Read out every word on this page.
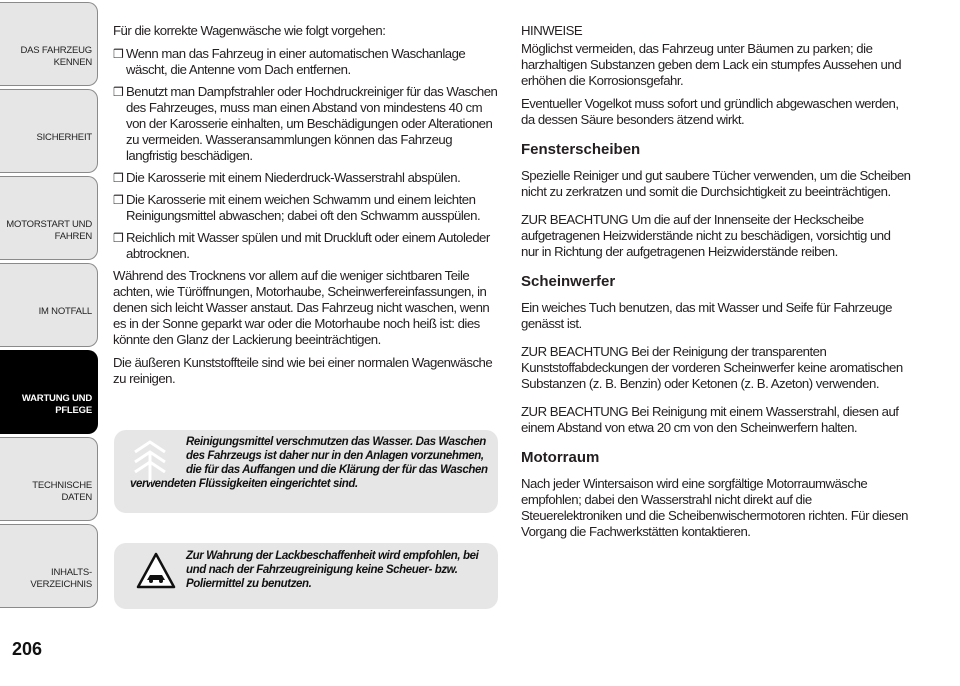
DAS FAHRZEUG
KENNEN
SICHERHEIT
MOTORSTART UND
FAHREN
IM NOTFALL
WARTUNG UND
PFLEGE
TECHNISCHE DATEN
INHALTS-
VERZEICHNIS
206

Für die korrekte Wagenwäsche wie folgt vorgehen:

❒ Wenn man das Fahrzeug in einer automatischen Waschanlage wäscht, die Antenne vom Dach entfernen.
❒ Benutzt man Dampfstrahler oder Hochdruckreiniger für das Waschen des Fahrzeuges, muss man einen Abstand von mindestens 40 cm von der Karosserie einhalten, um Beschädigungen oder Alterationen zu vermeiden. Wasseransammlungen können das Fahrzeug langfristig beschädigen.
❒ Die Karosserie mit einem Niederdruck-Wasserstrahl abspülen.
❒ Die Karosserie mit einem weichen Schwamm und einem leichten Reinigungsmittel abwaschen; dabei oft den Schwamm ausspülen.
❒ Reichlich mit Wasser spülen und mit Druckluft oder einem Autoleder abtrocknen.

Während des Trocknens vor allem auf die weniger sichtbaren Teile achten, wie Türöffnungen, Motorhaube, Scheinwerfereinfassungen, in denen sich leicht Wasser anstaut. Das Fahrzeug nicht waschen, wenn es in der Sonne geparkt war oder die Motorhaube noch heiß ist: dies könnte den Glanz der Lackierung beeinträchtigen.

Die äußeren Kunststoffteile sind wie bei einer normalen Wagenwäsche zu reinigen.

Reinigungsmittel verschmutzen das Wasser. Das Waschen des Fahrzeugs ist daher nur in den Anlagen vorzunehmen, die für das Auffangen und die Klärung der für das Waschen
verwendeten Flüssigkeiten eingerichtet sind.
Zur Wahrung der Lackbeschaffenheit wird empfohlen, bei und nach der Fahrzeugreinigung keine Scheuer- bzw. Poliermittel zu benutzen.

HINWEISE

Möglichst vermeiden, das Fahrzeug unter Bäumen zu parken; die harzhaltigen Substanzen geben dem Lack ein stumpfes Aussehen und erhöhen die Korrosionsgefahr.

Eventueller Vogelkot muss sofort und gründlich abgewaschen werden, da dessen Säure besonders ätzend wirkt.

Fensterscheiben

Spezielle Reiniger und gut saubere Tücher verwenden, um die Scheiben nicht zu zerkratzen und somit die Durchsichtigkeit zu beeinträchtigen.

ZUR BEACHTUNG Um die auf der Innenseite der Heckscheibe aufgetragenen Heizwiderstände nicht zu beschädigen, vorsichtig und nur in Richtung der aufgetragenen Heizwiderstände reiben.

Scheinwerfer

Ein weiches Tuch benutzen, das mit Wasser und Seife für Fahrzeuge genässt ist.

ZUR BEACHTUNG Bei der Reinigung der transparenten Kunststoffabdeckungen der vorderen Scheinwerfer keine aromatischen Substanzen (z. B. Benzin) oder Ketonen (z. B. Azeton) verwenden.

ZUR BEACHTUNG Bei Reinigung mit einem Wasserstrahl, diesen auf einem Abstand von etwa 20 cm von den Scheinwerfern halten.

Motorraum

Nach jeder Wintersaison wird eine sorgfältige Motorraumwäsche empfohlen; dabei den Wasserstrahl nicht direkt auf die Steuerelektroniken und die Scheibenwischermotoren richten. Für diesen Vorgang die Fachwerkstätten kontaktieren.
